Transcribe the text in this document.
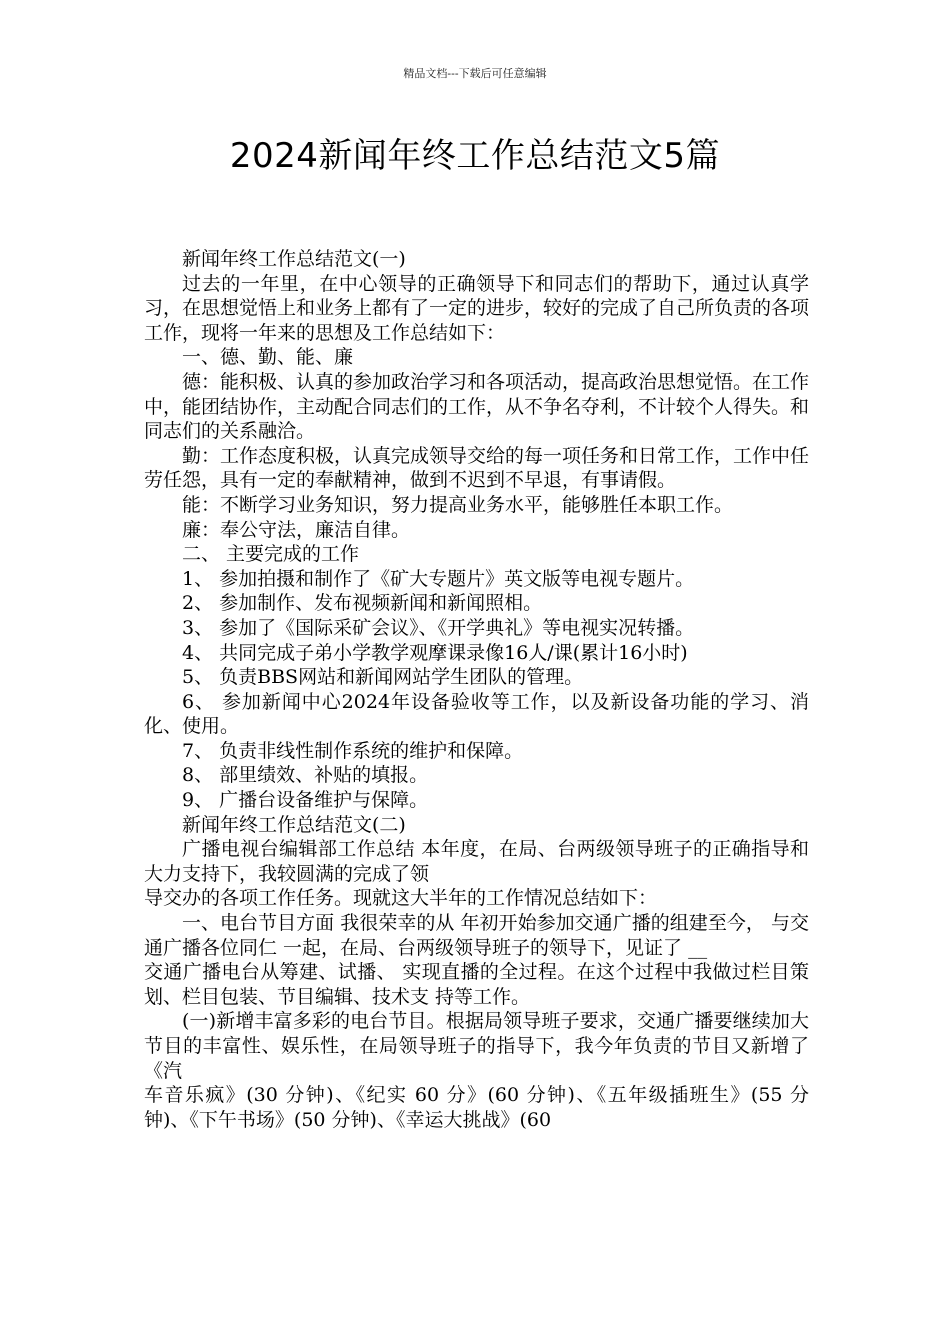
精品文档---下载后可任意编辑
2024新闻年终工作总结范文5篇

新闻年终工作总结范文(一)

过去的一年里，在中心领导的正确领导下和同志们的帮助下，通过认真学习，在思想觉悟上和业务上都有了一定的进步，较好的完成了自己所负责的各项工作，现将一年来的思想及工作总结如下：

一、德、勤、能、廉

德：能积极、认真的参加政治学习和各项活动，提高政治思想觉悟。在工作中，能团结协作，主动配合同志们的工作，从不争名夺利，不计较个人得失。和同志们的关系融洽。

勤：工作态度积极，认真完成领导交给的每一项任务和日常工作，工作中任劳任怨，具有一定的奉献精神，做到不迟到不早退，有事请假。

能：不断学习业务知识，努力提高业务水平，能够胜任本职工作。

廉：奉公守法，廉洁自律。

二、 主要完成的工作

1、 参加拍摄和制作了《矿大专题片》英文版等电视专题片。

2、 参加制作、发布视频新闻和新闻照相。

3、 参加了《国际采矿会议》、《开学典礼》等电视实况转播。

4、 共同完成子弟小学教学观摩课录像16人/课(累计16小时)

5、 负责BBS网站和新闻网站学生团队的管理。

6、 参加新闻中心2024年设备验收等工作，以及新设备功能的学习、消化、使用。

7、 负责非线性制作系统的维护和保障。

8、 部里绩效、补贴的填报。

9、 广播台设备维护与保障。

新闻年终工作总结范文(二)

广播电视台编辑部工作总结 本年度，在局、台两级领导班子的正确指导和大力支持下，我较圆满的完成了领

导交办的各项工作任务。现就这大半年的工作情况总结如下：

一、电台节目方面 我很荣幸的从 年初开始参加交通广播的组建至今， 与交通广播各位同仁 一起，在局、台两级领导班子的领导下，见证了 __

交通广播电台从筹建、试播、 实现直播的全过程。在这个过程中我做过栏目策划、栏目包装、节目编辑、技术支 持等工作。

(一)新增丰富多彩的电台节目。根据局领导班子要求，交通广播要继续加大 节目的丰富性、娱乐性，在局领导班子的指导下，我今年负责的节目又新增了《汽

车音乐疯》(30 分钟)、《纪实 60 分》(60 分钟)、《五年级插班生》(55 分钟)、《下午书场》(50 分钟)、《幸运大挑战》(60
